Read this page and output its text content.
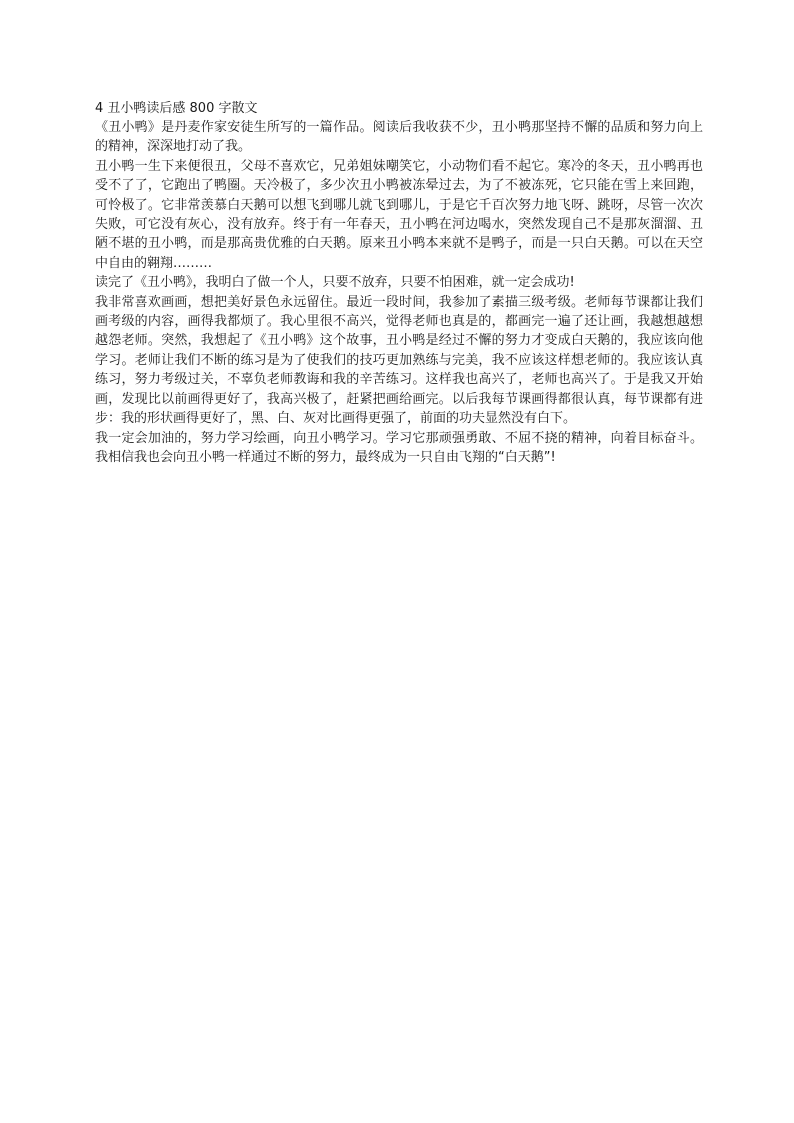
4 丑小鸭读后感 800 字散文

《丑小鸭》是丹麦作家安徒生所写的一篇作品。阅读后我收获不少，丑小鸭那坚持不懈的品质和努力向上的精神，深深地打动了我。

丑小鸭一生下来便很丑，父母不喜欢它，兄弟姐妹嘲笑它，小动物们看不起它。寒冷的冬天，丑小鸭再也受不了了，它跑出了鸭圈。天冷极了，多少次丑小鸭被冻晕过去，为了不被冻死，它只能在雪上来回跑，可怜极了。它非常羡慕白天鹅可以想飞到哪儿就飞到哪儿，于是它千百次努力地飞呀、跳呀，尽管一次次失败，可它没有灰心，没有放弃。终于有一年春天，丑小鸭在河边喝水，突然发现自己不是那灰溜溜、丑陋不堪的丑小鸭，而是那高贵优雅的白天鹅。原来丑小鸭本来就不是鸭子，而是一只白天鹅。可以在天空中自由的翱翔………

读完了《丑小鸭》，我明白了做一个人，只要不放弃，只要不怕困难，就一定会成功!

我非常喜欢画画，想把美好景色永远留住。最近一段时间，我参加了素描三级考级。老师每节课都让我们画考级的内容，画得我都烦了。我心里很不高兴，觉得老师也真是的，都画完一遍了还让画，我越想越想越怨老师。突然，我想起了《丑小鸭》这个故事，丑小鸭是经过不懈的努力才变成白天鹅的，我应该向他学习。老师让我们不断的练习是为了使我们的技巧更加熟练与完美，我不应该这样想老师的。我应该认真练习，努力考级过关，不辜负老师教诲和我的辛苦练习。这样我也高兴了，老师也高兴了。于是我又开始画，发现比以前画得更好了，我高兴极了，赶紧把画给画完。以后我每节课画得都很认真，每节课都有进步：我的形状画得更好了，黑、白、灰对比画得更强了，前面的功夫显然没有白下。

我一定会加油的，努力学习绘画，向丑小鸭学习。学习它那顽强勇敢、不屈不挠的精神，向着目标奋斗。我相信我也会向丑小鸭一样通过不断的努力，最终成为一只自由飞翔的“白天鹅”!
